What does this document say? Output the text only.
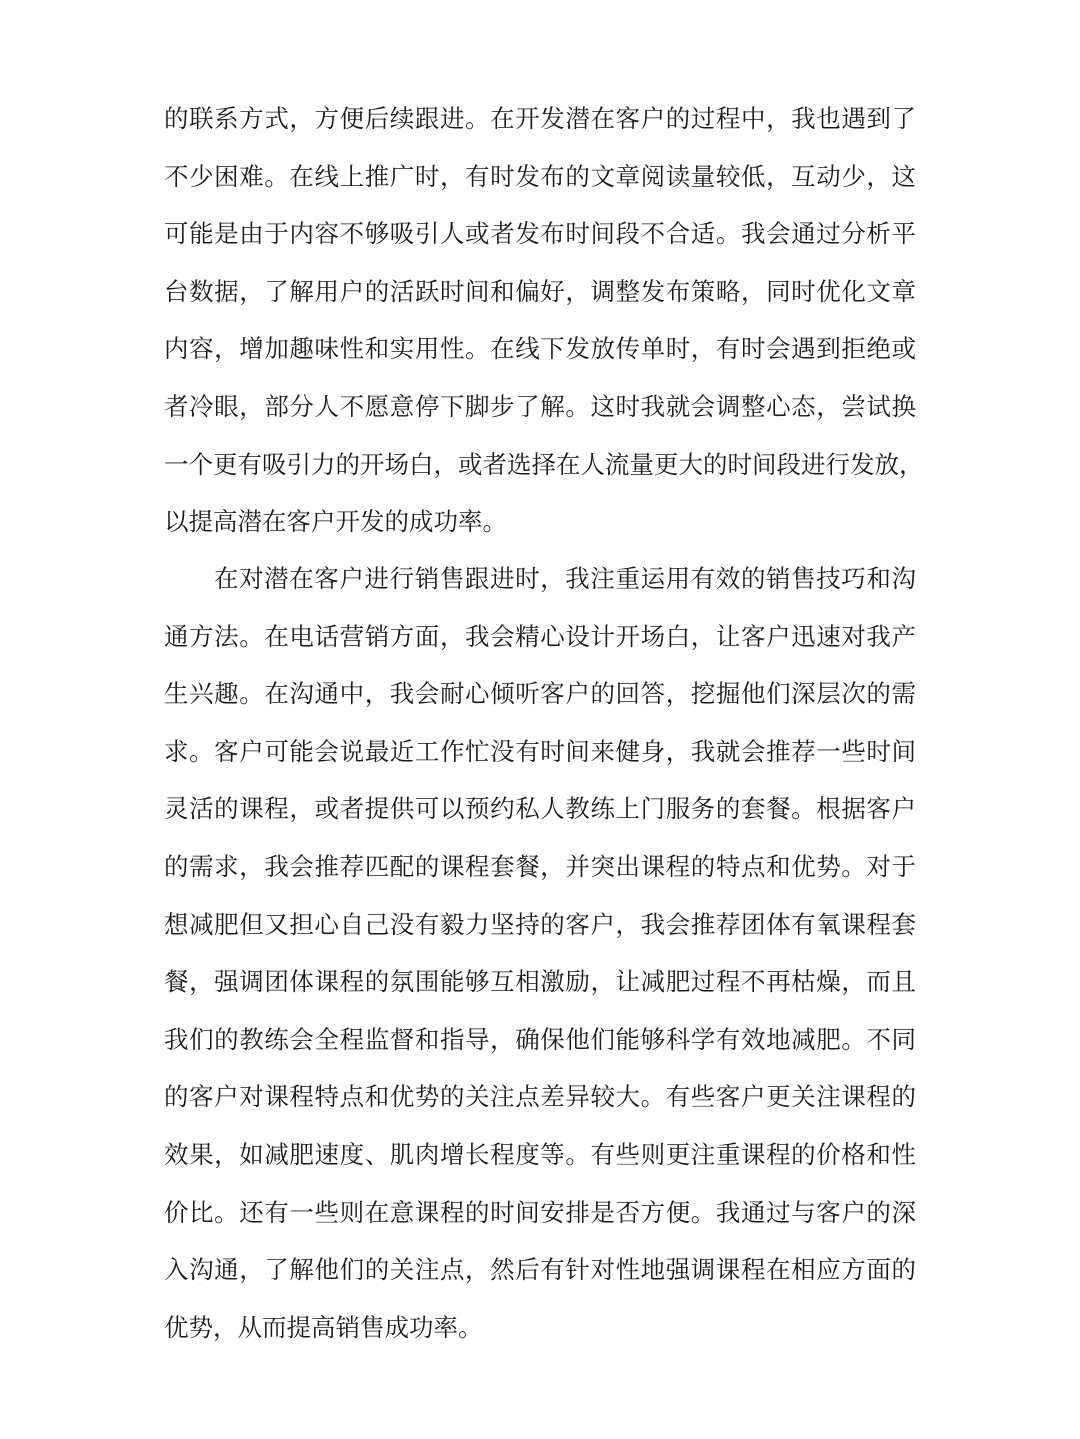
的联系方式，方便后续跟进。在开发潜在客户的过程中，我也遇到了
不少困难。在线上推广时，有时发布的文章阅读量较低，互动少，这
可能是由于内容不够吸引人或者发布时间段不合适。我会通过分析平
台数据，了解用户的活跃时间和偏好，调整发布策略，同时优化文章
内容，增加趣味性和实用性。在线下发放传单时，有时会遇到拒绝或
者冷眼，部分人不愿意停下脚步了解。这时我就会调整心态，尝试换
一个更有吸引力的开场白，或者选择在人流量更大的时间段进行发放，
以提高潜在客户开发的成功率。
在对潜在客户进行销售跟进时，我注重运用有效的销售技巧和沟
通方法。在电话营销方面，我会精心设计开场白，让客户迅速对我产
生兴趣。在沟通中，我会耐心倾听客户的回答，挖掘他们深层次的需
求。客户可能会说最近工作忙没有时间来健身，我就会推荐一些时间
灵活的课程，或者提供可以预约私人教练上门服务的套餐。根据客户
的需求，我会推荐匹配的课程套餐，并突出课程的特点和优势。对于
想减肥但又担心自己没有毅力坚持的客户，我会推荐团体有氧课程套
餐，强调团体课程的氛围能够互相激励，让减肥过程不再枯燥，而且
我们的教练会全程监督和指导，确保他们能够科学有效地减肥。不同
的客户对课程特点和优势的关注点差异较大。有些客户更关注课程的
效果，如减肥速度、肌肉增长程度等。有些则更注重课程的价格和性
价比。还有一些则在意课程的时间安排是否方便。我通过与客户的深
入沟通，了解他们的关注点，然后有针对性地强调课程在相应方面的
优势，从而提高销售成功率。
